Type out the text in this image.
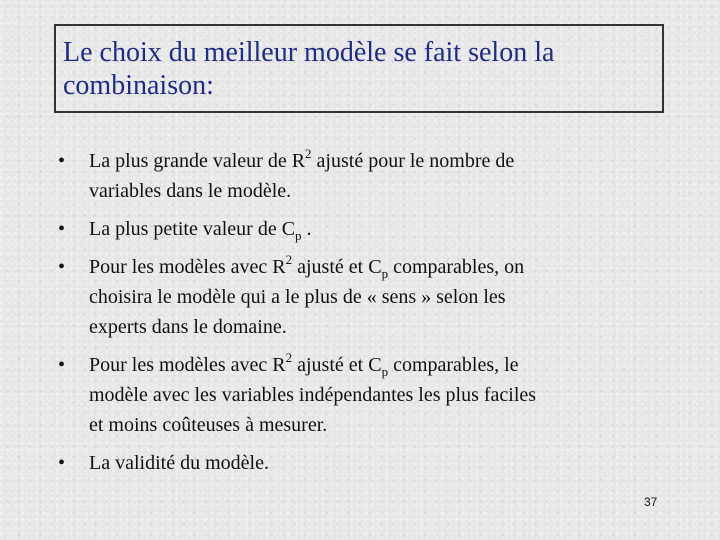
Le choix du meilleur modèle se fait selon la
combinaison:
• La plus grande valeur de $R^2$ ajusté pour le nombre de
variables dans le modèle.
• La plus petite valeur de $C_p$ .
• Pour les modèles avec $R^2$ ajusté et $C_p$ comparables, on
choisira le modèle qui a le plus de « sens » selon les
experts dans le domaine.
• Pour les modèles avec $R^2$ ajusté et $C_p$ comparables, le
modèle avec les variables indépendantes les plus faciles
et moins coûteuses à mesurer.
• La validité du modèle.
37
